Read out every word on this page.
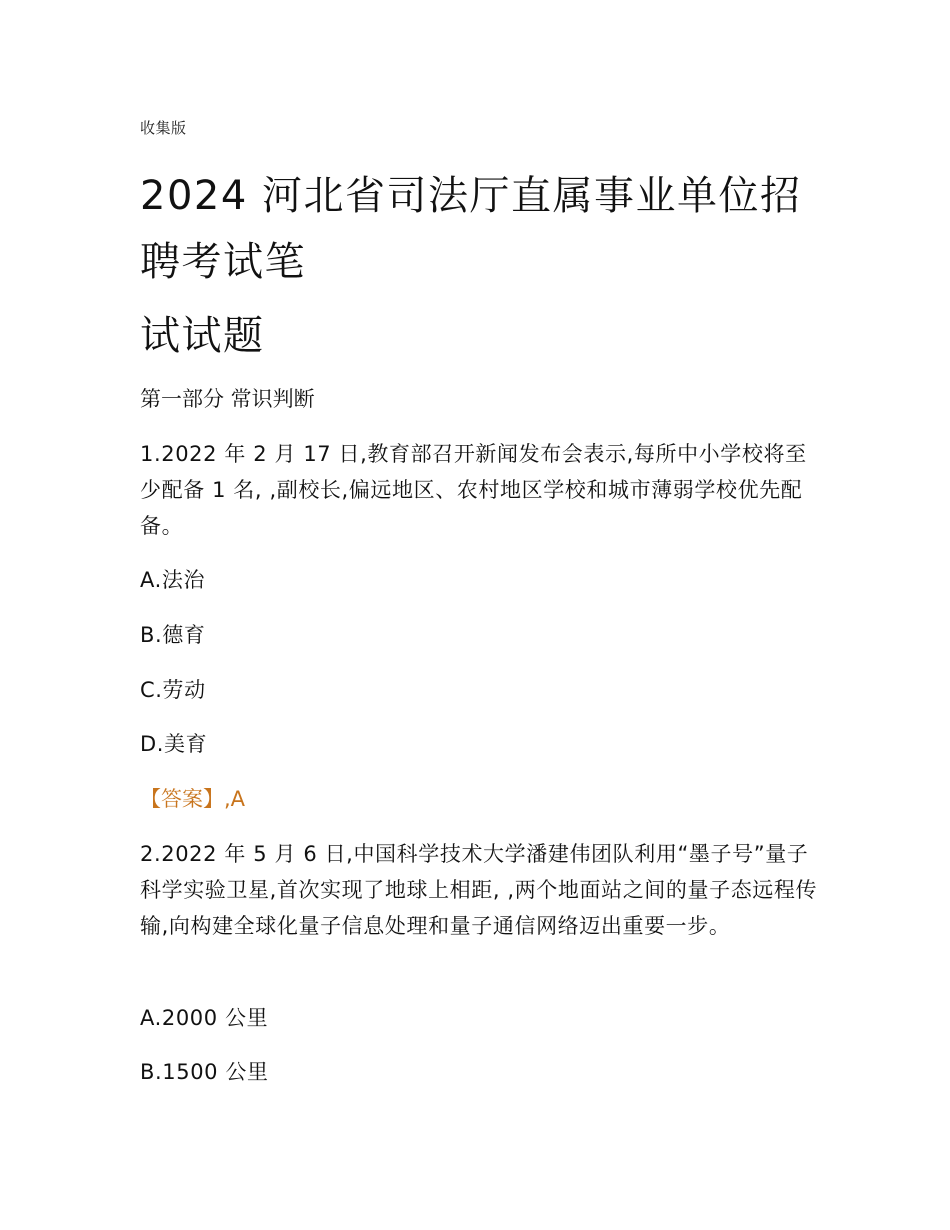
收集版
2024 河北省司法厅直属事业单位招聘考试笔
试试题
第一部分 常识判断
1.2022 年 2 月 17 日,教育部召开新闻发布会表示,每所中小学校将至少配备 1 名, ,副校长,偏远地区、农村地区学校和城市薄弱学校优先配备。
A.法治
B.德育
C.劳动
D.美育
【答案】,A
2.2022 年 5 月 6 日,中国科学技术大学潘建伟团队利用“墨子号”量子科学实验卫星,首次实现了地球上相距, ,两个地面站之间的量子态远程传输,向构建全球化量子信息处理和量子通信网络迈出重要一步。
A.2000 公里
B.1500 公里
